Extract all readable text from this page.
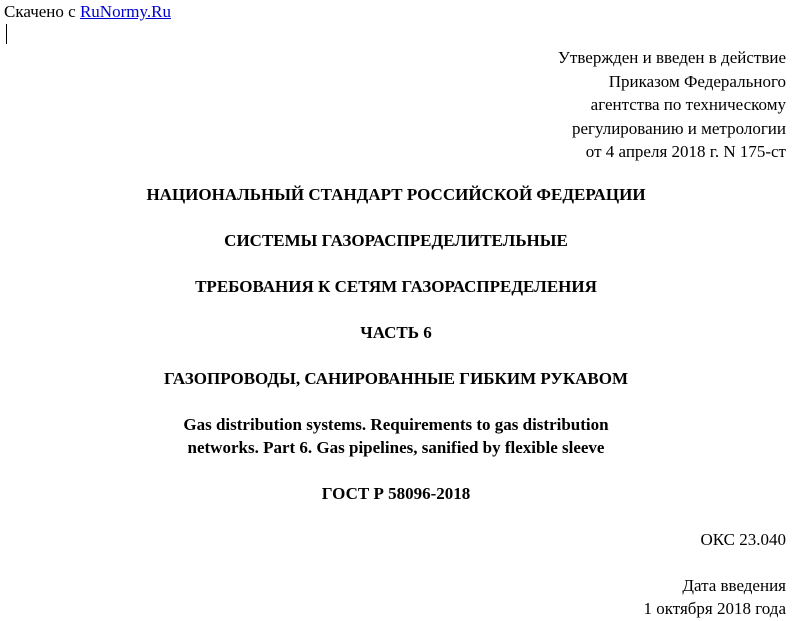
Скачено с RuNormy.Ru
Утвержден и введен в действие
Приказом Федерального
агентства по техническому
регулированию и метрологии
от 4 апреля 2018 г. N 175-ст
НАЦИОНАЛЬНЫЙ СТАНДАРТ РОССИЙСКОЙ ФЕДЕРАЦИИ
СИСТЕМЫ ГАЗОРАСПРЕДЕЛИТЕЛЬНЫЕ
ТРЕБОВАНИЯ К СЕТЯМ ГАЗОРАСПРЕДЕЛЕНИЯ
ЧАСТЬ 6
ГАЗОПРОВОДЫ, САНИРОВАННЫЕ ГИБКИМ РУКАВОМ
Gas distribution systems. Requirements to gas distribution
networks. Part 6. Gas pipelines, sanified by flexible sleeve
ГОСТ Р 58096-2018
ОКС 23.040
Дата введения
1 октября 2018 года
